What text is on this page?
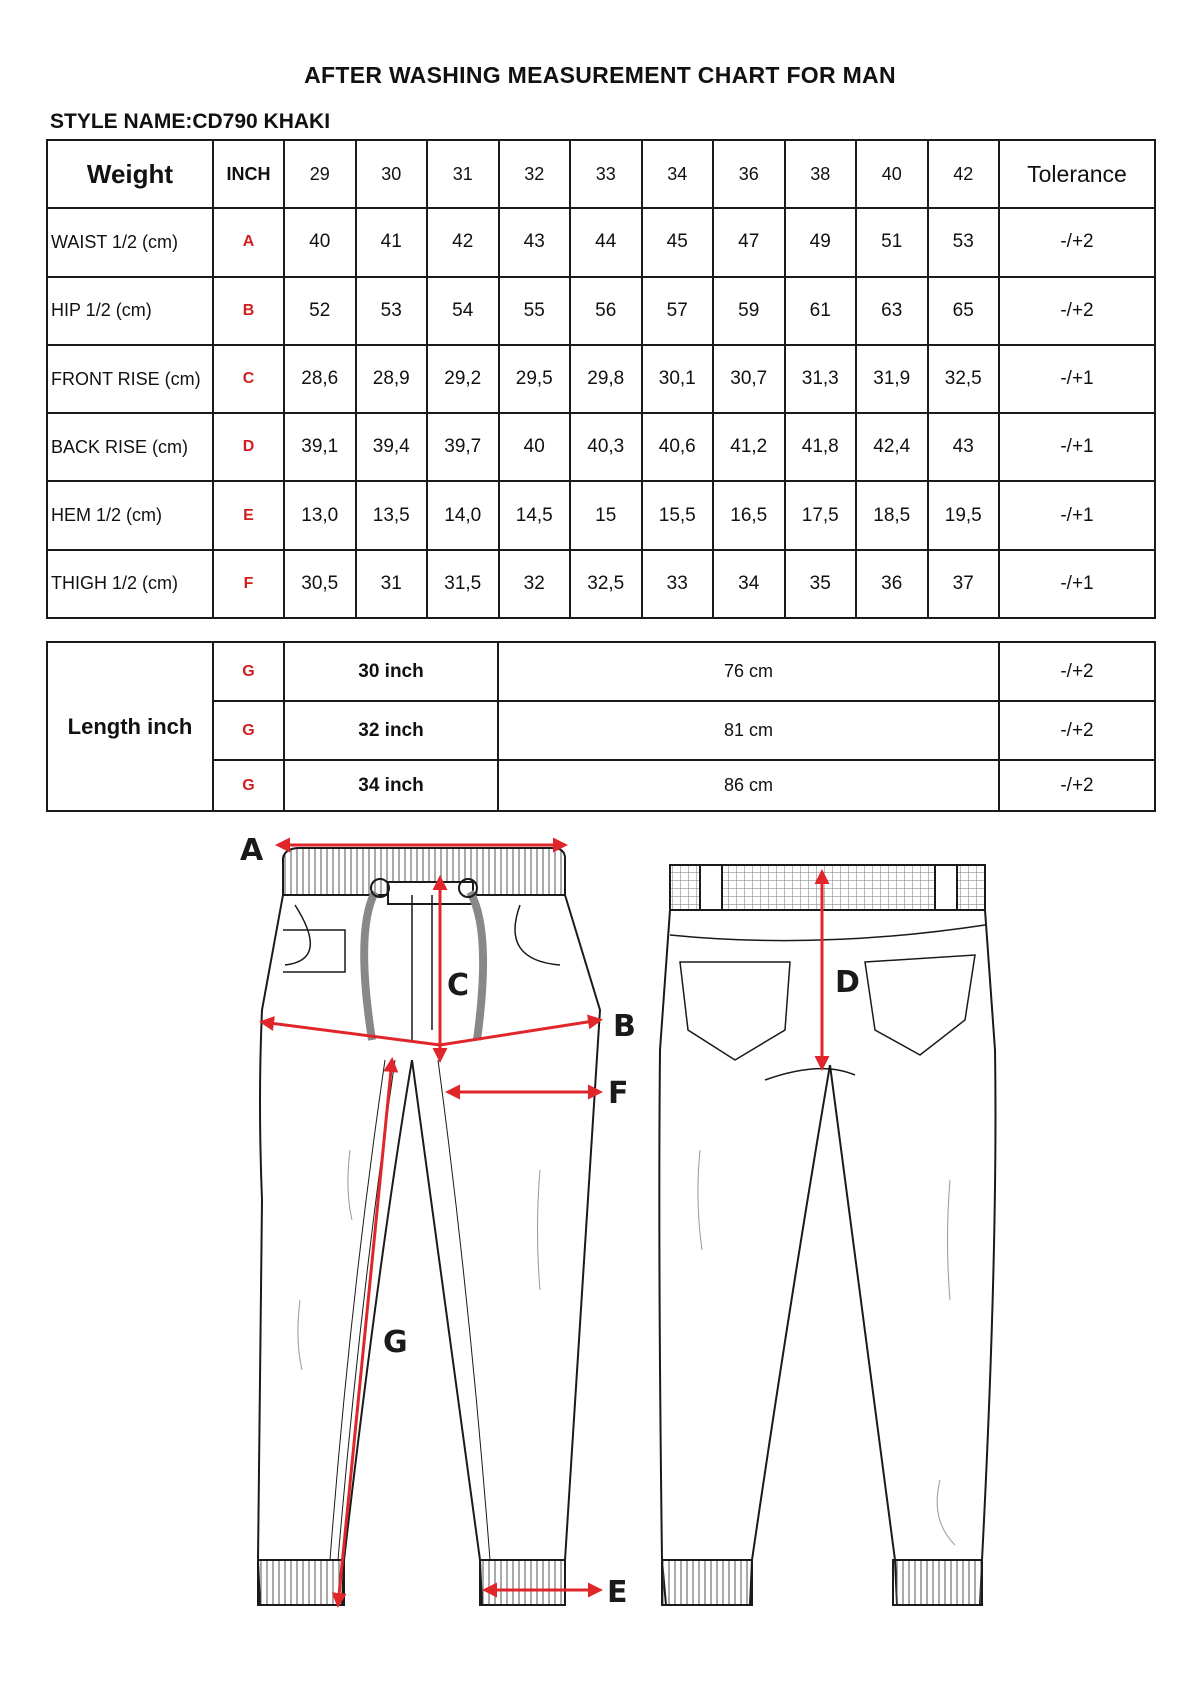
AFTER WASHING MEASUREMENT CHART FOR MAN
STYLE NAME:CD790 KHAKI
Weight	INCH	29	30	31	32	33	34	36	38	40	42	Tolerance
WAIST 1/2 (cm)	A	40	41	42	43	44	45	47	49	51	53	-/+2
HIP 1/2 (cm)	B	52	53	54	55	56	57	59	61	63	65	-/+2
FRONT RISE (cm)	C	28,6	28,9	29,2	29,5	29,8	30,1	30,7	31,3	31,9	32,5	-/+1
BACK RISE (cm)	D	39,1	39,4	39,7	40	40,3	40,6	41,2	41,8	42,4	43	-/+1
HEM 1/2 (cm)	E	13,0	13,5	14,0	14,5	15	15,5	16,5	17,5	18,5	19,5	-/+1
THIGH 1/2 (cm)	F	30,5	31	31,5	32	32,5	33	34	35	36	37	-/+1
Length inch	G	30 inch	76 cm	-/+2
	G	32 inch	81 cm	-/+2
	G	34 inch	86 cm	-/+2
A
B
C	D
E
F
G
